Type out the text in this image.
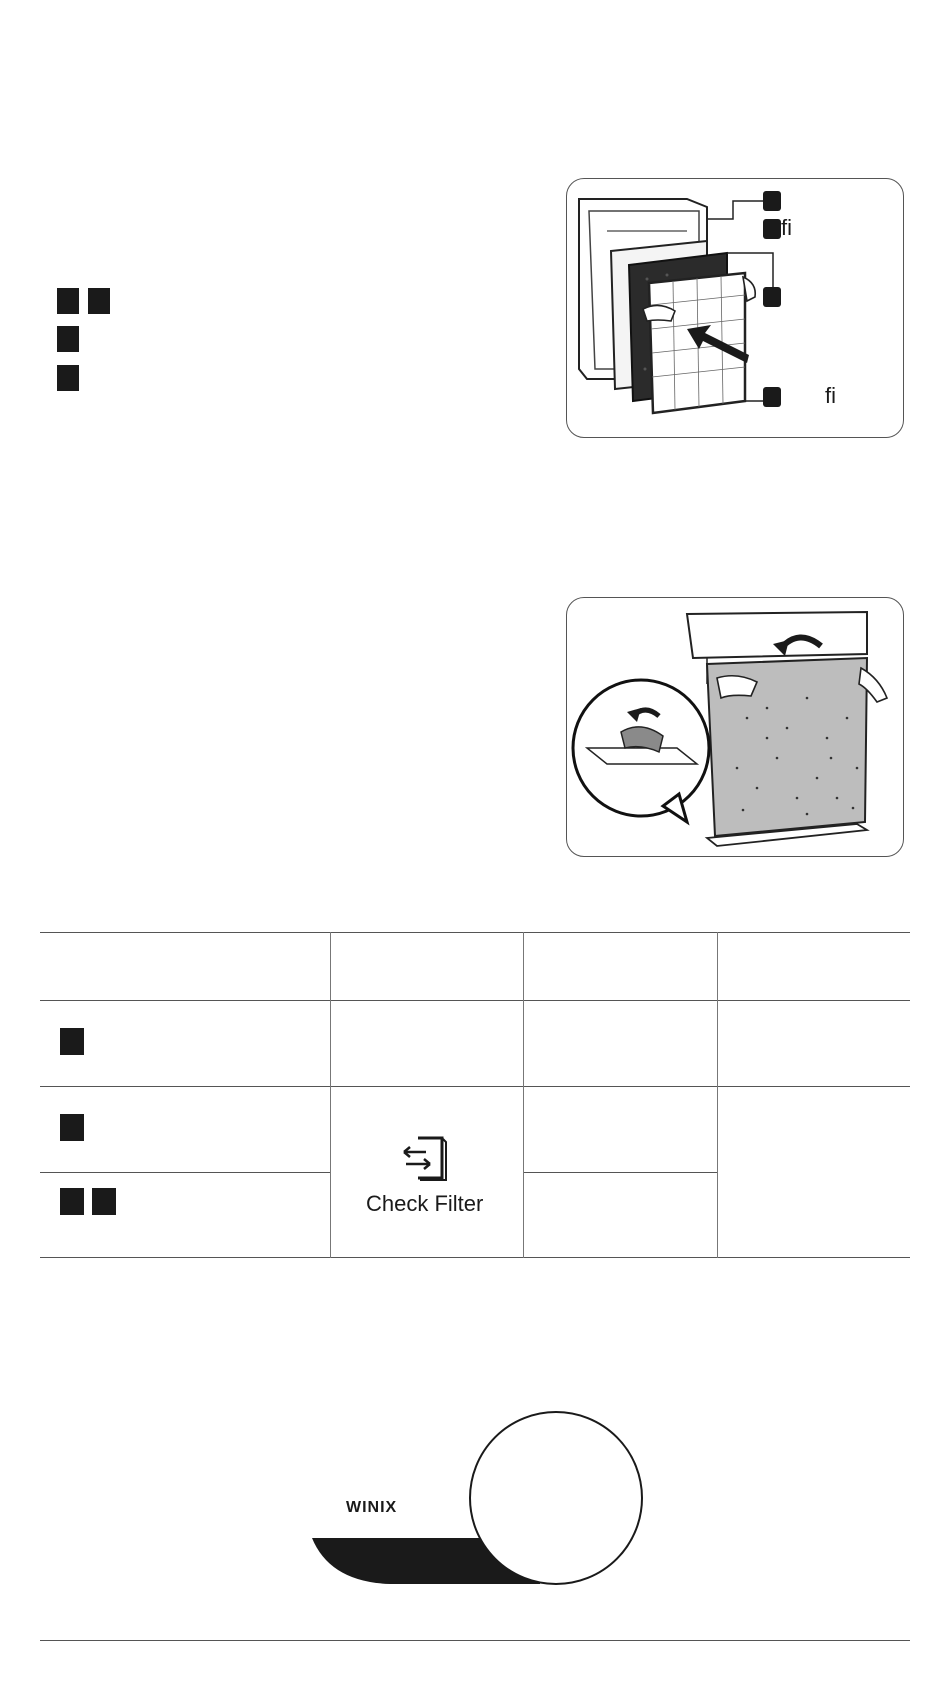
ﬁ
ﬁ
Check Filter
WINIX
